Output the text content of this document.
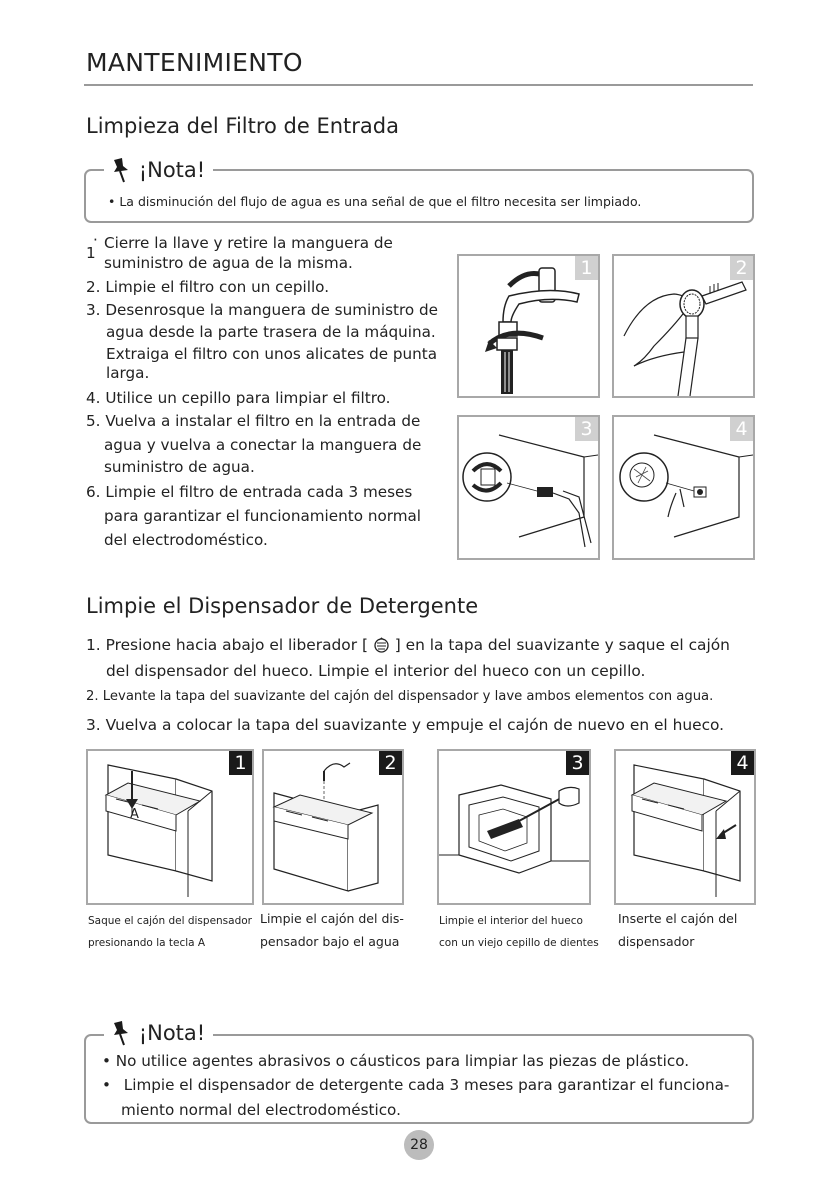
MANTENIMIENTO
Limpieza del Filtro de Entrada
¡Nota!
• La disminución del flujo de agua es una señal de que el filtro necesita ser limpiado.
1
· Cierre la llave y retire la manguera de
suministro de agua de la misma.
2. Limpie el filtro con un cepillo.
3. Desenrosque la manguera de suministro de
agua desde la parte trasera de la máquina.
Extraiga el filtro con unos alicates de punta
larga.
4. Utilice un cepillo para limpiar el filtro.
5. Vuelva a instalar el filtro en la entrada de
agua y vuelva a conectar la manguera de
suministro de agua.
6. Limpie el filtro de entrada cada 3 meses
para garantizar el funcionamiento normal
del electrodoméstico.
1	2
3	4
Limpie el Dispensador de Detergente
1. Presione hacia abajo el liberador [ ] en la tapa del suavizante y saque el cajón
del dispensador del hueco. Limpie el interior del hueco con un cepillo.
2. Levante la tapa del suavizante del cajón del dispensador y lave ambos elementos con agua.
3. Vuelva a colocar la tapa del suavizante y empuje el cajón de nuevo en el hueco.
1
A
2	3	4
Saque el cajón del dispensador
presionando la tecla A
Limpie el cajón del dis-
pensador bajo el agua
Limpie el interior del hueco
con un viejo cepillo de dientes
Inserte el cajón del
dispensador
¡Nota!
• No utilice agentes abrasivos o cáusticos para limpiar las piezas de plástico.
• Limpie el dispensador de detergente cada 3 meses para garantizar el funciona-
miento normal del electrodoméstico.
28
